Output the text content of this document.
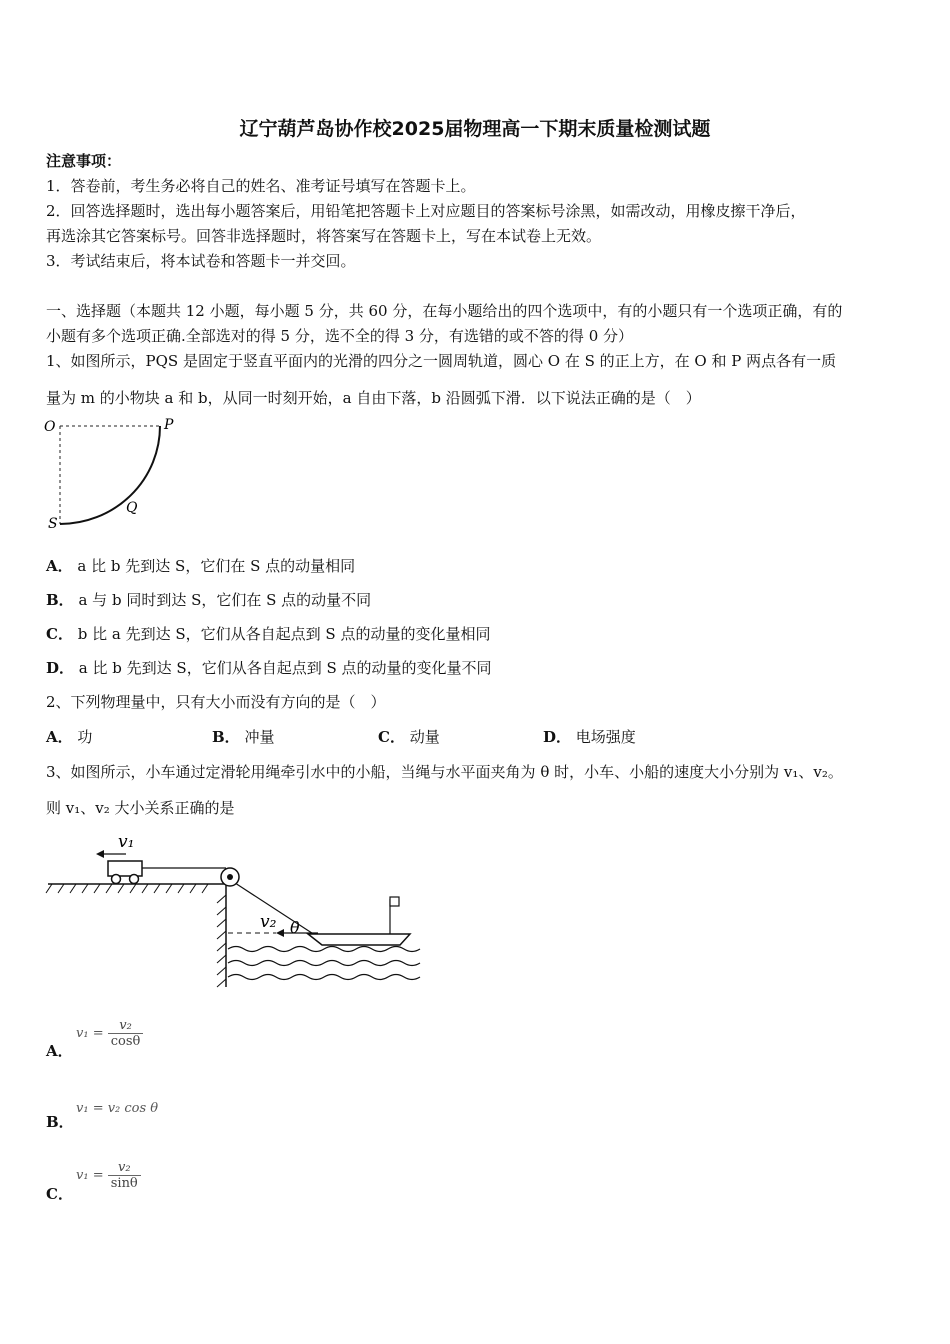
辽宁葫芦岛协作校2025届物理高一下期末质量检测试题
注意事项：
1．答卷前，考生务必将自己的姓名、准考证号填写在答题卡上。
2．回答选择题时，选出每小题答案后，用铅笔把答题卡上对应题目的答案标号涂黑，如需改动，用橡皮擦干净后，
再选涂其它答案标号。回答非选择题时，将答案写在答题卡上，写在本试卷上无效。
3．考试结束后，将本试卷和答题卡一并交回。
一、选择题（本题共 12 小题，每小题 5 分，共 60 分，在每小题给出的四个选项中，有的小题只有一个选项正确，有的
小题有多个选项正确.全部选对的得 5 分，选不全的得 3 分，有选错的或不答的得 0 分）
1、如图所示，PQS 是固定于竖直平面内的光滑的四分之一圆周轨道，圆心 O 在 S 的正上方，在 O 和 P 两点各有一质
量为 m 的小物块 a 和 b，从同一时刻开始，a 自由下落，b 沿圆弧下滑．以下说法正确的是（　）
O	P
Q
S
A． a 比 b 先到达 S，它们在 S 点的动量相同
B． a 与 b 同时到达 S，它们在 S 点的动量不同
C． b 比 a 先到达 S，它们从各自起点到 S 点的动量的变化量相同
D． a 比 b 先到达 S，它们从各自起点到 S 点的动量的变化量不同
2、下列物理量中，只有大小而没有方向的是（　）
A． 功	B． 冲量	C． 动量	D． 电场强度
3、如图所示，小车通过定滑轮用绳牵引水中的小船，当绳与水平面夹角为 θ 时，小车、小船的速度大小分别为 v₁、v₂。
则 v₁、v₂ 大小关系正确的是
v₁
v₂ θ
A．
$v_1 = \frac{\text{v₂}}{\cos\theta}$
B．
v₁ = v₂ cos θ
C．
$v_1 = \frac{\text{v₂}}{\sin\theta}$
